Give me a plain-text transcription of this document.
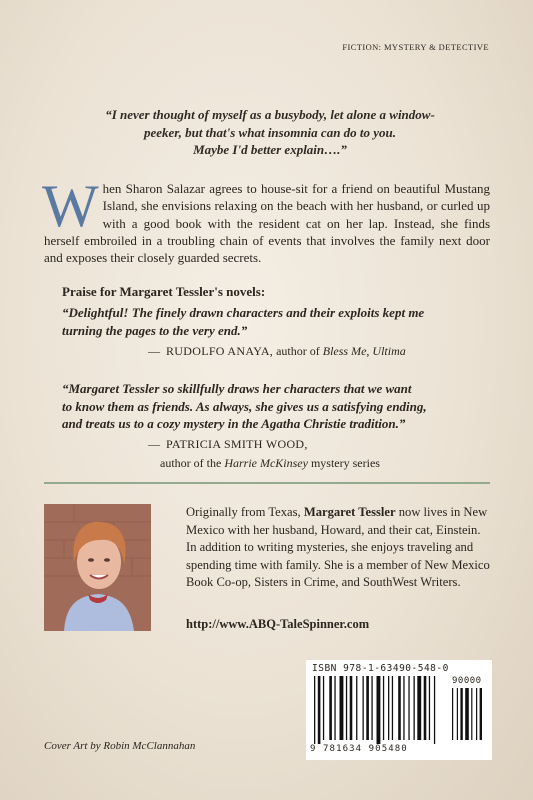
FICTION: MYSTERY & DETECTIVE
“I never thought of myself as a busybody, let alone a window-
peeker, but that's what insomnia can do to you.
Maybe I'd better explain….”
When Sharon Salazar agrees to house-sit for a friend on beautiful Mustang Island, she envisions relaxing on the beach with her husband, or curled up with a good book with the resident cat on her lap. Instead, she finds herself embroiled in a troubling chain of events that involves the family next door and exposes their closely guarded secrets.
Praise for Margaret Tessler's novels:
“Delightful! The finely drawn characters and their exploits kept me
turning the pages to the very end.”
— RUDOLFO ANAYA, author of Bless Me, Ultima
“Margaret Tessler so skillfully draws her characters that we want
to know them as friends. As always, she gives us a satisfying ending,
and treats us to a cozy mystery in the Agatha Christie tradition.”
— PATRICIA SMITH WOOD,
author of the Harrie McKinsey mystery series
Originally from Texas, Margaret Tessler now lives in New Mexico with her husband, Howard, and their cat, Einstein. In addition to writing mysteries, she enjoys traveling and spending time with family. She is a member of New Mexico Book Co-op, Sisters in Crime, and SouthWest Writers.
http://www.ABQ-TaleSpinner.com
ISBN 978-1-63490-548-0
90000
9 781634 905480
Cover Art by Robin McClannahan
